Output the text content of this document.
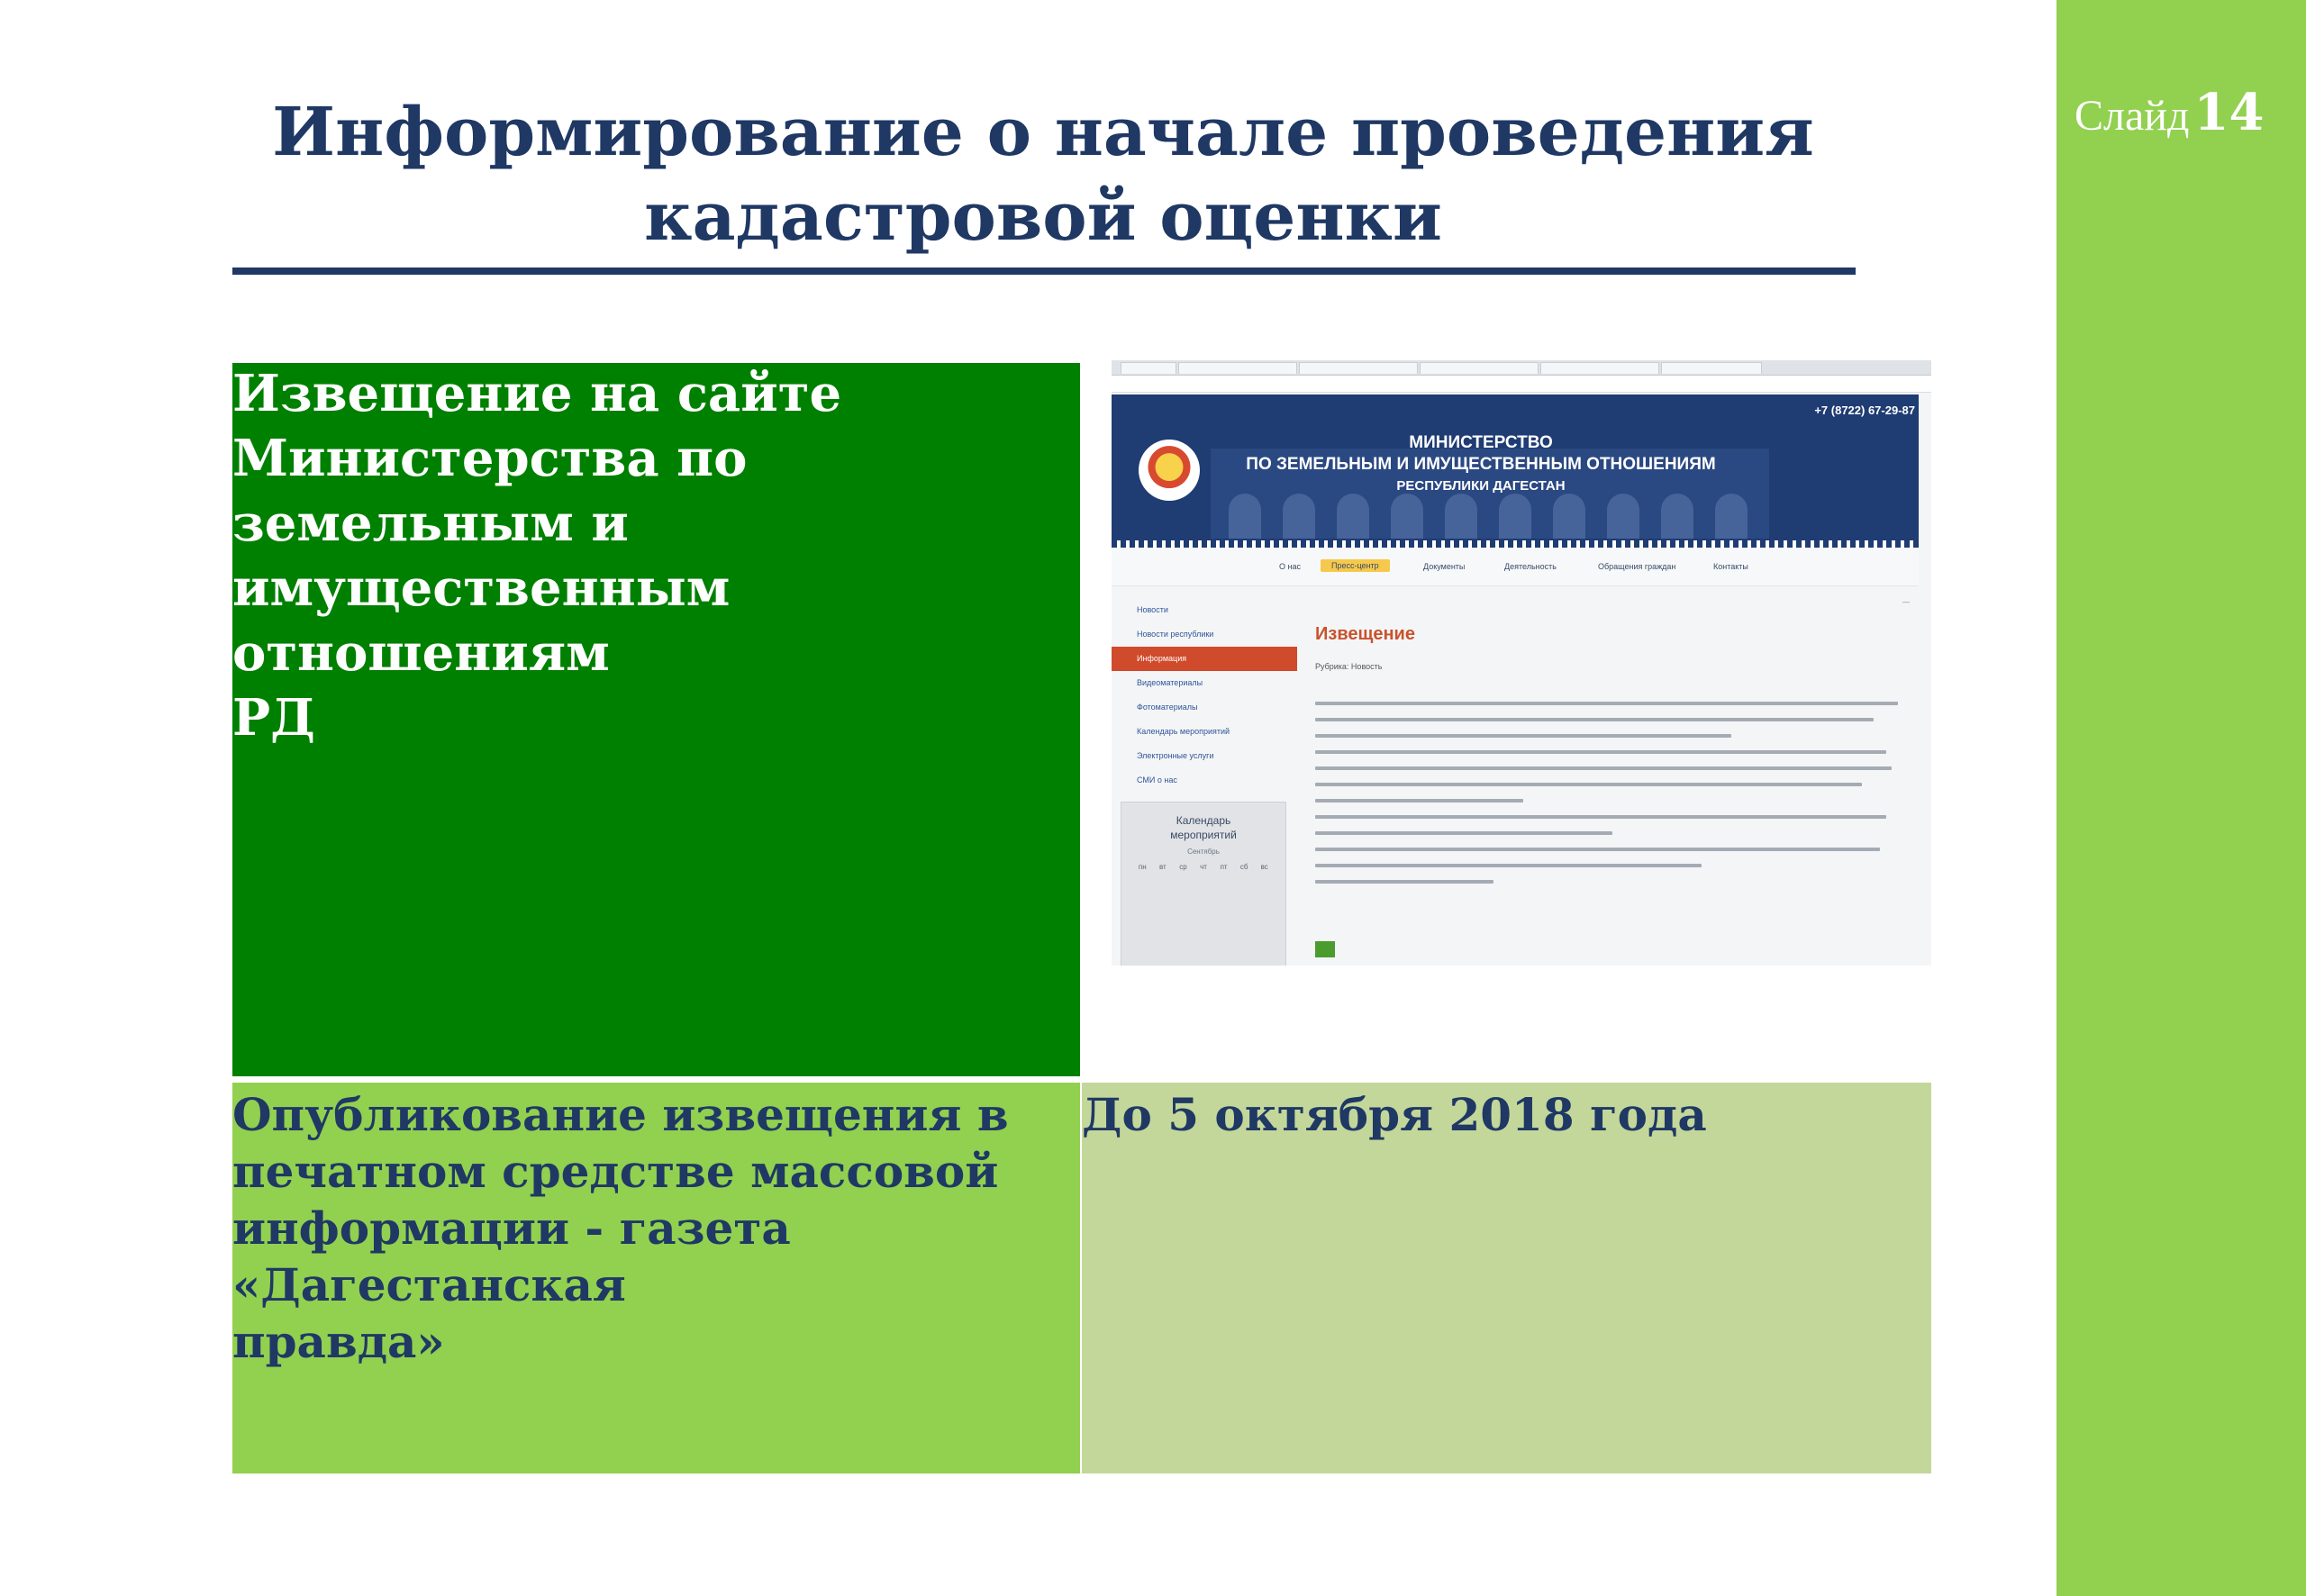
Слайд 14
Информирование о начале проведения
кадастровой оценки

Извещение на сайте
Министерства по земельным и
имущественным отношениям
РД

МИНИСТЕРСТВО
ПО ЗЕМЕЛЬНЫМ И ИМУЩЕСТВЕННЫМ ОТНОШЕНИЯМ
РЕСПУБЛИКИ ДАГЕСТАН
+7 (8722) 67-29-87
О нас	Пресс-центр	Документы	Деятельность	Обращения граждан	Контакты
Новости
Новости республики
Информация
Видеоматериалы
Фотоматериалы
Календарь мероприятий
Электронные услуги
СМИ о нас
Календарь
мероприятий
Сентябрь
пн	вт	ср	чт	пт	сб	вс
—
Извещение
Рубрика: Новость

Опубликование извещения в
печатном средстве массовой
информации - газета «Дагестанская
правда»

До 5 октября 2018 года
